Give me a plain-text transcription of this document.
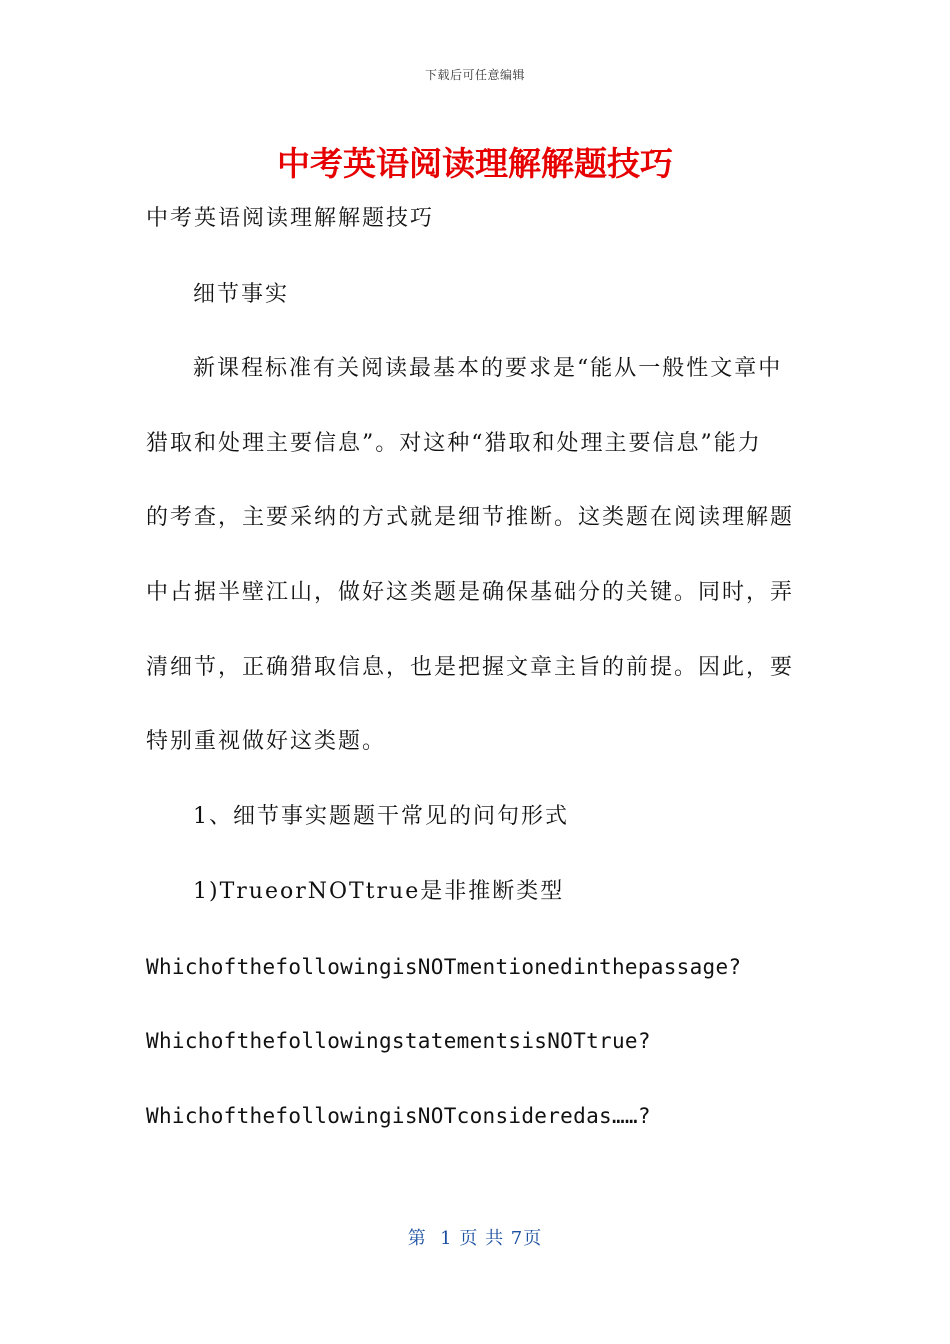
下载后可任意编辑
中考英语阅读理解解题技巧
中考英语阅读理解解题技巧
细节事实
新课程标准有关阅读最基本的要求是“能从一般性文章中
猎取和处理主要信息”。对这种“猎取和处理主要信息”能力
的考查，主要采纳的方式就是细节推断。这类题在阅读理解题
中占据半壁江山，做好这类题是确保基础分的关键。同时，弄
清细节，正确猎取信息，也是把握文章主旨的前提。因此，要
特别重视做好这类题。
1、细节事实题题干常见的问句形式
1)TrueorNOTtrue是非推断类型
WhichofthefollowingisNOTmentionedinthepassage?
WhichofthefollowingstatementsisNOTtrue?
WhichofthefollowingisNOTconsideredas……?
第  1 页 共 7页
